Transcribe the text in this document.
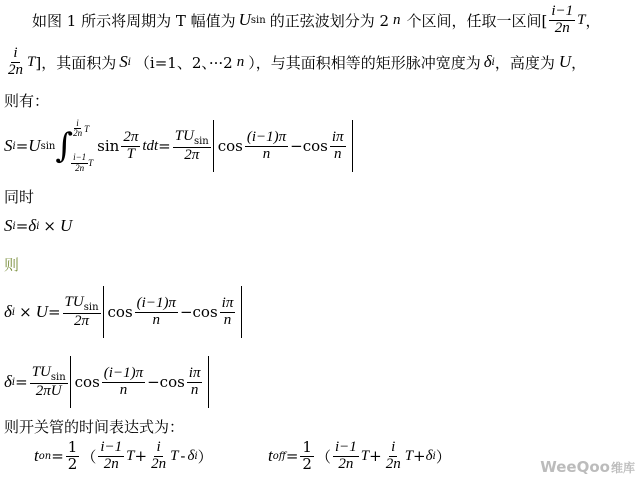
如图 1 所示将周期为 T 幅值为 U sin 的正弦波划分为 2 n 个区间，任取一区间[ $\frac{i-1}{2n}$ T ，
$\frac{i}{2n}$ T ]，其面积为 S i （i=1、2、···2 n ），与其面积相等的矩形脉冲宽度为 δ i ，高度为 U ，
则有：
S i = U sin ∫
$\frac{i}{2n}$ T
$\frac{i-1}{2n}$ T
$\sin \frac{2\pi}{T}$ tdt = $\frac{TU_{sin}}{2\pi}$ $\cos \frac{(i-1)\pi}{n} -\cos \frac{i\pi}{n}$
同时
S i = δ i × U
则
δ $i \times U = \frac{TU_{sin}}{2\pi}$ $\cos \frac{(i-1)\pi}{n} -\cos \frac{i\pi}{n}$
δ $i = \frac{TU_{sin}}{2\pi U}$ $\cos \frac{(i-1)\pi}{n} -\cos \frac{i\pi}{n}$
则开关管的时间表达式为：
t on = $\frac{1}{2}$ （ $\frac{i-1}{2n}$ $T + \frac{i}{2n}$ T - δ i ）	t off = $\frac{1}{2}$ （ $\frac{i-1}{2n}$ $T + \frac{i}{2n}$ T + δ i ）
WeeQoo维库
